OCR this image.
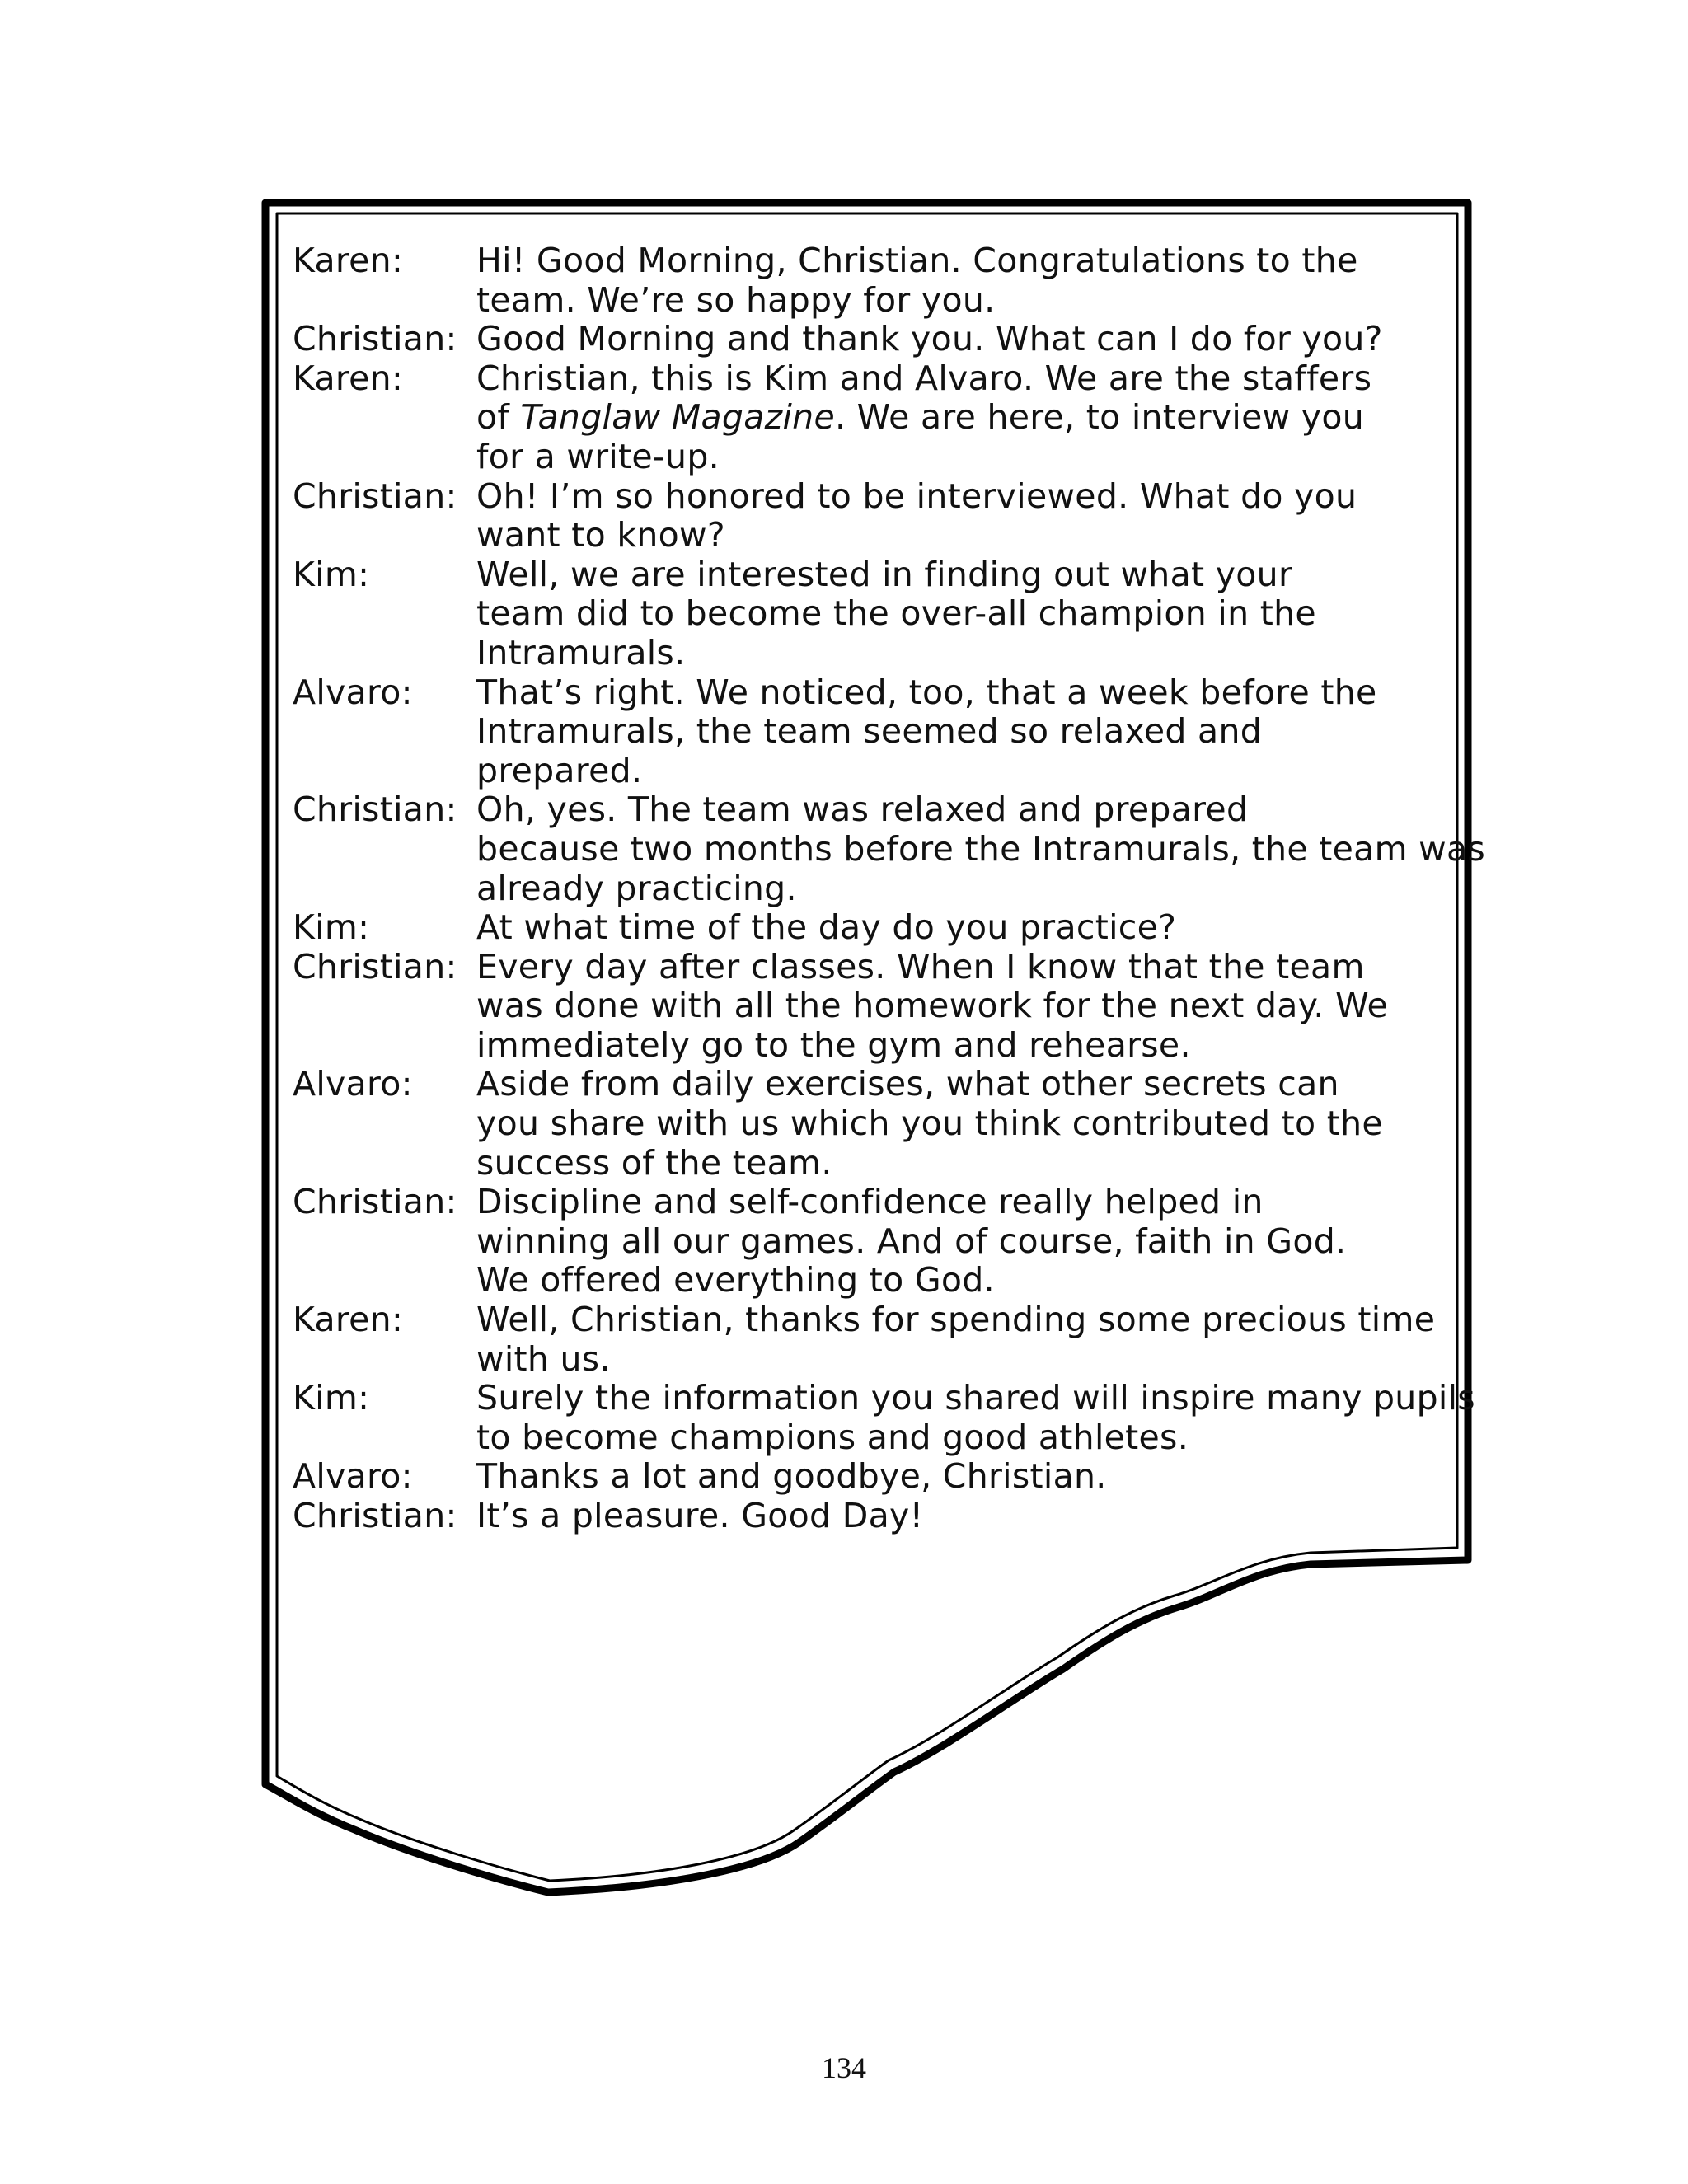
Karen:	Hi! Good Morning, Christian. Congratulations to the
team. We’re so happy for you.
Christian: Good Morning and thank you. What can I do for you?
Karen:	Christian, this is Kim and Alvaro. We are the staffers
of Tanglaw Magazine. We are here, to interview you
for a write-up.
Christian: Oh! I’m so honored to be interviewed. What do you
want to know?
Kim:	Well, we are interested in finding out what your
team did to become the over-all champion in the
Intramurals.
Alvaro:	That’s right. We noticed, too, that a week before the
Intramurals, the team seemed so relaxed and
prepared.
Christian: Oh, yes. The team was relaxed and prepared
because two months before the Intramurals, the team was
already practicing.
Kim:	At what time of the day do you practice?
Christian: Every day after classes. When I know that the team
was done with all the homework for the next day. We
immediately go to the gym and rehearse.
Alvaro:	Aside from daily exercises, what other secrets can
you share with us which you think contributed to the
success of the team.
Christian: Discipline and self-confidence really helped in
winning all our games. And of course, faith in God.
We offered everything to God.
Karen:	Well, Christian, thanks for spending some precious time
with us.
Kim:	Surely the information you shared will inspire many pupils
to become champions and good athletes.
Alvaro:	Thanks a lot and goodbye, Christian.
Christian: It’s a pleasure. Good Day!
134
